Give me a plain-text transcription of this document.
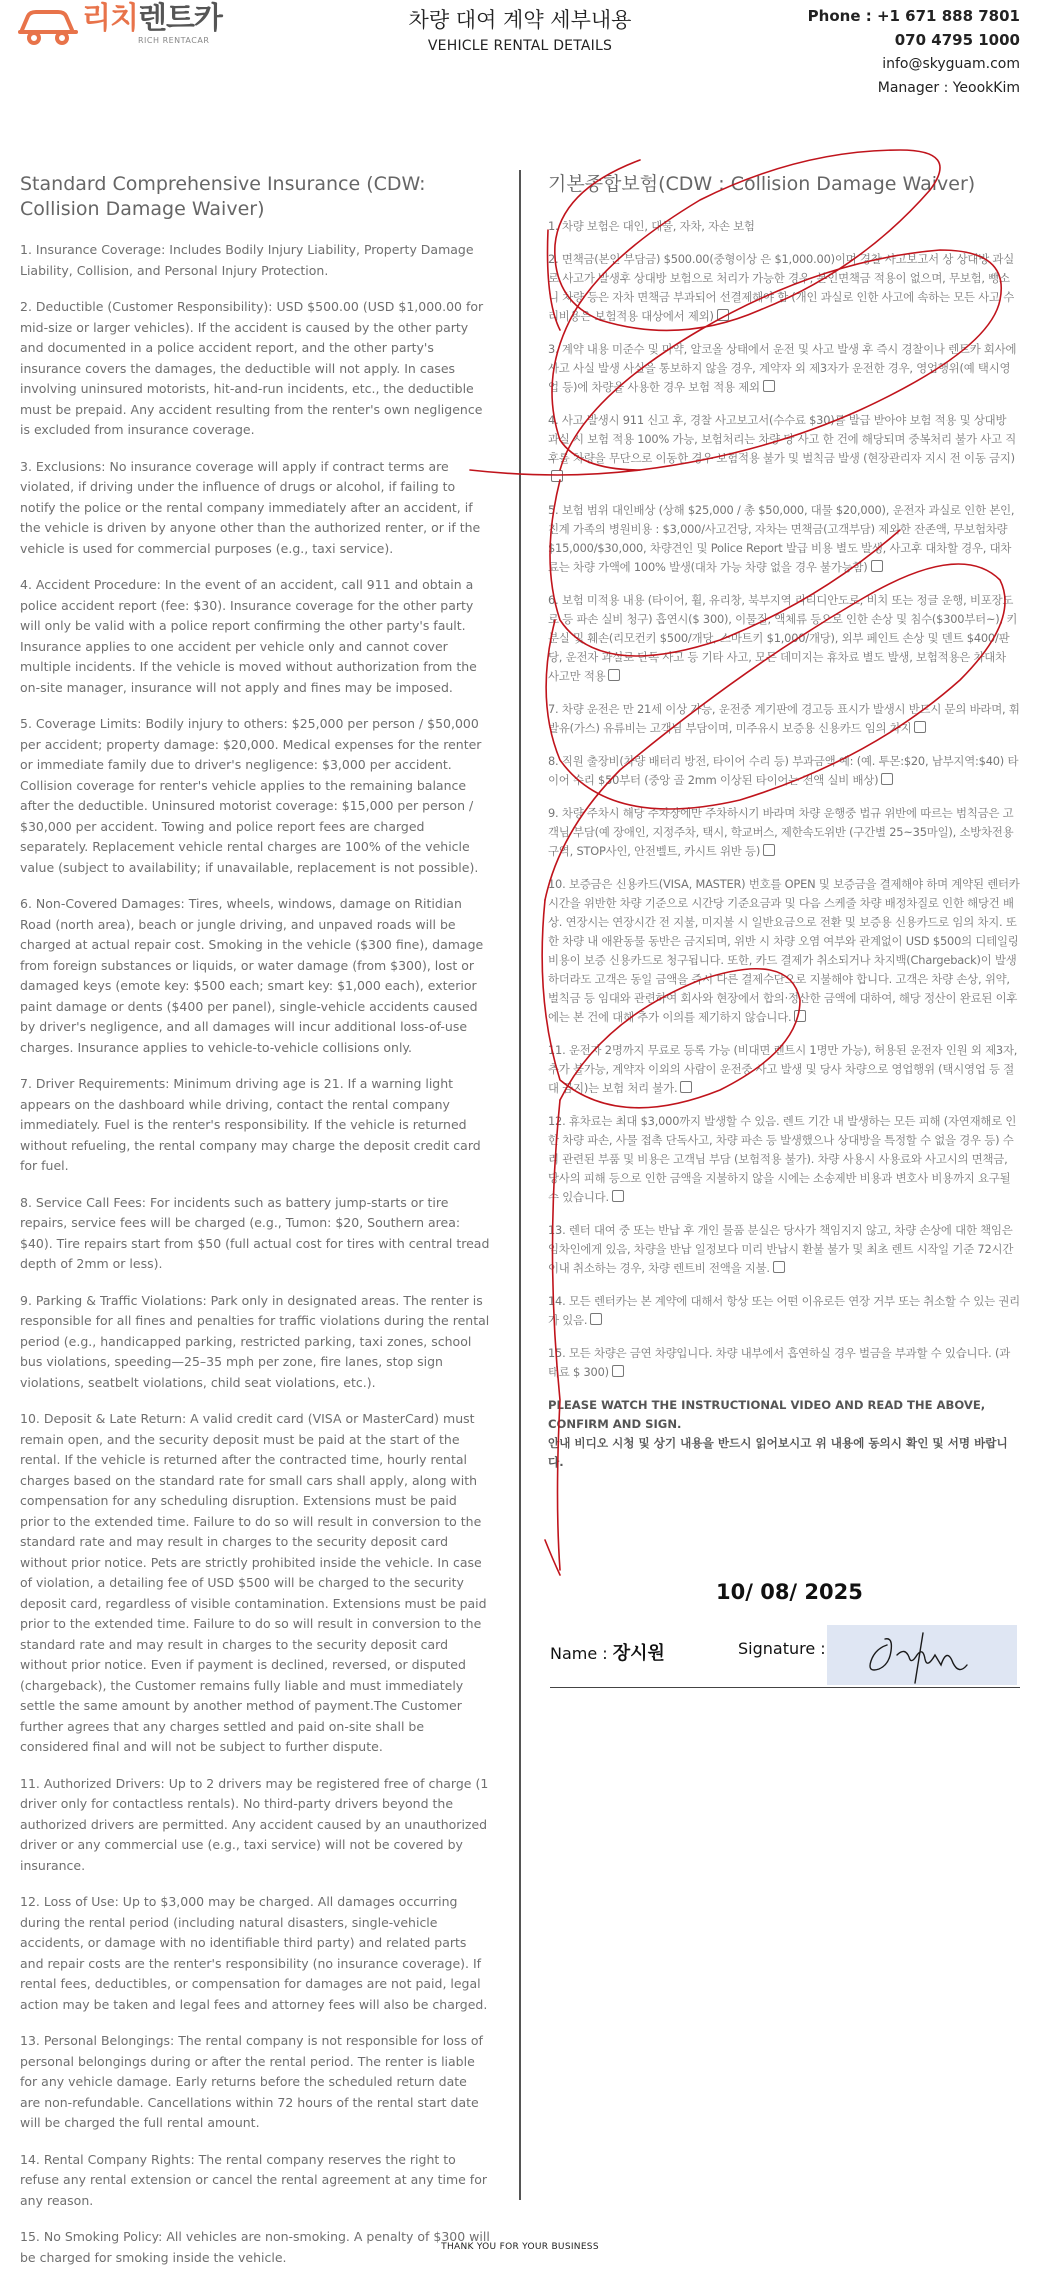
리치렌트카
RICH RENTACAR
차량 대여 계약 세부내용
VEHICLE RENTAL DETAILS
Phone : +1 671 888 7801
070 4795 1000
info@skyguam.com
Manager : YeookKim
Standard Comprehensive Insurance (CDW: Collision Damage Waiver)
1. Insurance Coverage: Includes Bodily Injury Liability, Property Damage Liability, Collision, and Personal Injury Protection.
2. Deductible (Customer Responsibility): USD $500.00 (USD $1,000.00 for mid-size or larger vehicles). If the accident is caused by the other party and documented in a police accident report, and the other party's insurance covers the damages, the deductible will not apply. In cases involving uninsured motorists, hit-and-run incidents, etc., the deductible must be prepaid. Any accident resulting from the renter's own negligence is excluded from insurance coverage.
3. Exclusions: No insurance coverage will apply if contract terms are violated, if driving under the influence of drugs or alcohol, if failing to notify the police or the rental company immediately after an accident, if the vehicle is driven by anyone other than the authorized renter, or if the vehicle is used for commercial purposes (e.g., taxi service).
4. Accident Procedure: In the event of an accident, call 911 and obtain a police accident report (fee: $30). Insurance coverage for the other party will only be valid with a police report confirming the other party's fault. Insurance applies to one accident per vehicle only and cannot cover multiple incidents. If the vehicle is moved without authorization from the on-site manager, insurance will not apply and fines may be imposed.
5. Coverage Limits: Bodily injury to others: $25,000 per person / $50,000 per accident; property damage: $20,000. Medical expenses for the renter or immediate family due to driver's negligence: $3,000 per accident. Collision coverage for renter's vehicle applies to the remaining balance after the deductible. Uninsured motorist coverage: $15,000 per person / $30,000 per accident. Towing and police report fees are charged separately. Replacement vehicle rental charges are 100% of the vehicle value (subject to availability; if unavailable, replacement is not possible).
6. Non-Covered Damages: Tires, wheels, windows, damage on Ritidian Road (north area), beach or jungle driving, and unpaved roads will be charged at actual repair cost. Smoking in the vehicle ($300 fine), damage from foreign substances or liquids, or water damage (from $300), lost or damaged keys (emote key: $500 each; smart key: $1,000 each), exterior paint damage or dents ($400 per panel), single-vehicle accidents caused by driver's negligence, and all damages will incur additional loss-of-use charges. Insurance applies to vehicle-to-vehicle collisions only.
7. Driver Requirements: Minimum driving age is 21. If a warning light appears on the dashboard while driving, contact the rental company immediately. Fuel is the renter's responsibility. If the vehicle is returned without refueling, the rental company may charge the deposit credit card for fuel.
8. Service Call Fees: For incidents such as battery jump-starts or tire repairs, service fees will be charged (e.g., Tumon: $20, Southern area: $40). Tire repairs start from $50 (full actual cost for tires with central tread depth of 2mm or less).
9. Parking & Traffic Violations: Park only in designated areas. The renter is responsible for all fines and penalties for traffic violations during the rental period (e.g., handicapped parking, restricted parking, taxi zones, school bus violations, speeding—25–35 mph per zone, fire lanes, stop sign violations, seatbelt violations, child seat violations, etc.).
10. Deposit & Late Return: A valid credit card (VISA or MasterCard) must remain open, and the security deposit must be paid at the start of the rental. If the vehicle is returned after the contracted time, hourly rental charges based on the standard rate for small cars shall apply, along with compensation for any scheduling disruption. Extensions must be paid prior to the extended time. Failure to do so will result in conversion to the standard rate and may result in charges to the security deposit card without prior notice. Pets are strictly prohibited inside the vehicle. In case of violation, a detailing fee of USD $500 will be charged to the security deposit card, regardless of visible contamination. Extensions must be paid prior to the extended time. Failure to do so will result in conversion to the standard rate and may result in charges to the security deposit card without prior notice. Even if payment is declined, reversed, or disputed (chargeback), the Customer remains fully liable and must immediately settle the same amount by another method of payment.The Customer further agrees that any charges settled and paid on-site shall be considered final and will not be subject to further dispute.
11. Authorized Drivers: Up to 2 drivers may be registered free of charge (1 driver only for contactless rentals). No third-party drivers beyond the authorized drivers are permitted. Any accident caused by an unauthorized driver or any commercial use (e.g., taxi service) will not be covered by insurance.
12. Loss of Use: Up to $3,000 may be charged. All damages occurring during the rental period (including natural disasters, single-vehicle accidents, or damage with no identifiable third party) and related parts and repair costs are the renter's responsibility (no insurance coverage). If rental fees, deductibles, or compensation for damages are not paid, legal action may be taken and legal fees and attorney fees will also be charged.
13. Personal Belongings: The rental company is not responsible for loss of personal belongings during or after the rental period. The renter is liable for any vehicle damage. Early returns before the scheduled return date are non-refundable. Cancellations within 72 hours of the rental start date will be charged the full rental amount.
14. Rental Company Rights: The rental company reserves the right to refuse any rental extension or cancel the rental agreement at any time for any reason.
15. No Smoking Policy: All vehicles are non-smoking. A penalty of $300 will be charged for smoking inside the vehicle.
기본종합보험(CDW : Collision Damage Waiver)
1. 차량 보험은 대인, 대물, 자차, 자손 보험
2. 면책금(본인 부담금) $500.00(중형이상 은 $1,000.00)이며 경찰 사고보고서 상 상대방 과실로 사고가 발생후 상대방 보험으로 처리가 가능한 경우, 본인면책금 적용이 없으며, 무보험, 뺑소니 차량 등은 자차 면책금 부과되어 선결제해야 함 (개인 과실로 인한 사고에 속하는 모든 사고 수리비용은 보험적용 대상에서 제외)
3. 계약 내용 미준수 및 마약, 알코올 상태에서 운전 및 사고 발생 후 즉시 경찰이나 렌트카 회사에 사고 사실 발생 사실을 통보하지 않을 경우, 계약자 외 제3자가 운전한 경우, 영업행위(예 택시영업 등)에 차량을 사용한 경우 보험 적용 제외
4. 사고 발생시 911 신고 후, 경찰 사고보고서(수수료 $30)를 발급 받아야 보험 적용 및 상대방 과실 시 보험 적용 100% 가능, 보험처리는 차량 당 사고 한 건에 해당되며 중복처리 불가 사고 직후를 차량을 무단으로 이동한 경우 보험적용 불가 및 벌칙금 발생 (현장관리자 지시 전 이동 금지)
5. 보험 범위 대인배상 (상해 $25,000 / 총 $50,000, 대물 $20,000), 운전자 과실로 인한 본인, 친계 가족의 병원비용 : $3,000/사고건당, 자차는 면책금(고객부담) 제외한 잔존액, 무보험차량 $15,000/$30,000, 차량견인 및 Police Report 발급 비용 별도 발생, 사고후 대차할 경우, 대차료는 차량 가액에 100% 발생(대차 가능 차량 없을 경우 불가능함)
6. 보험 미적용 내용 (타이어, 휠, 유리창, 북부지역 리티디안도로, 비치 또는 정글 운행, 비포장도로 등 파손 실비 청구) 흡연시($ 300), 이물질, 액체류 등으로 인한 손상 및 침수($300부터~), 키 분실 및 훼손(리모컨키 $500/개당, 스마트키 $1,000/개당), 외부 페인트 손상 및 덴트 $400/판당, 운전자 과실로 단독 사고 등 기타 사고, 모든 데미지는 휴차료 별도 발생, 보험적용은 차대차 사고만 적용
7. 차량 운전은 만 21세 이상 가능, 운전중 계기판에 경고등 표시가 발생시 반드시 문의 바라며, 휘발유(가스) 유류비는 고객님 부담이며, 미주유시 보증용 신용카드 임의 차지
8. 직원 출장비(차량 배터리 방전, 타이어 수리 등) 부과금액 예: (예. 투몬:$20, 남부지역:$40) 타이어 수리 $50부터 (중앙 골 2mm 이상된 타이어는 전액 실비 배상)
9. 차량 주차시 해당 주차장에만 주차하시기 바라며 차량 운행중 법규 위반에 따르는 범칙금은 고객님 부담(예 장애인, 지정주차, 택시, 학교버스, 제한속도위반 (구간별 25~35마일), 소방차전용구역, STOP사인, 안전벨트, 카시트 위반 등)
10. 보증금은 신용카드(VISA, MASTER) 번호를 OPEN 및 보증금을 결제해야 하며 계약된 렌터카 시간을 위반한 차량 기준으로 시간당 기준요금과 및 다음 스케줄 차량 배정차질로 인한 해당건 배상. 연장시는 연장시간 전 지불, 미지불 시 일반요금으로 전환 및 보증용 신용카드로 임의 차지. 또한 차량 내 애완동물 동반은 금지되며, 위반 시 차량 오염 여부와 관계없이 USD $500의 디테일링 비용이 보증 신용카드로 청구됩니다. 또한, 카드 결제가 취소되거나 차지백(Chargeback)이 발생하더라도 고객은 동일 금액을 즉시 다른 결제수단으로 지불해야 합니다. 고객은 차량 손상, 위약, 벌칙금 등 임대와 관련하여 회사와 현장에서 합의·정산한 금액에 대하여, 해당 정산이 완료된 이후에는 본 건에 대해 추가 이의를 제기하지 않습니다.
11. 운전자 2명까지 무료로 등록 가능 (비대면 렌트시 1명만 가능), 허용된 운전자 인원 외 제3자, 추가 불가능, 계약자 이외의 사람이 운전중 사고 발생 및 당사 차량으로 영업행위 (택시영업 등 절대 금지)는 보험 처리 불가.
12. 휴차료는 최대 $3,000까지 발생할 수 있음. 렌트 기간 내 발생하는 모든 피해 (자연재해로 인한 차량 파손, 사물 접촉 단독사고, 차량 파손 등 발생했으나 상대방을 특정할 수 없을 경우 등) 수리 관련된 부품 및 비용은 고객님 부담 (보험적용 불가). 차량 사용시 사용료와 사고시의 면책금, 당사의 피해 등으로 인한 금액을 지불하지 않을 시에는 소송제반 비용과 변호사 비용까지 요구될 수 있습니다.
13. 렌터 대여 중 또는 반납 후 개인 물품 분실은 당사가 책임지지 않고, 차량 손상에 대한 책임은 임차인에게 있음, 차량을 반납 일정보다 미리 반납시 환불 불가 및 최초 렌트 시작일 기준 72시간 이내 취소하는 경우, 차량 렌트비 전액을 지불.
14. 모든 렌터카는 본 계약에 대해서 항상 또는 어떤 이유로든 연장 거부 또는 취소할 수 있는 권리가 있음.
15. 모든 차량은 금연 차량입니다. 차량 내부에서 흡연하실 경우 벌금을 부과할 수 있습니다. (과태료 $ 300)
PLEASE WATCH THE INSTRUCTIONAL VIDEO AND READ THE ABOVE, CONFIRM AND SIGN.
안내 비디오 시청 및 상기 내용을 반드시 읽어보시고 위 내용에 동의시 확인 및 서명 바랍니다.
10/ 08/ 2025
Name : 장시원	Signature :
THANK YOU FOR YOUR BUSINESS
